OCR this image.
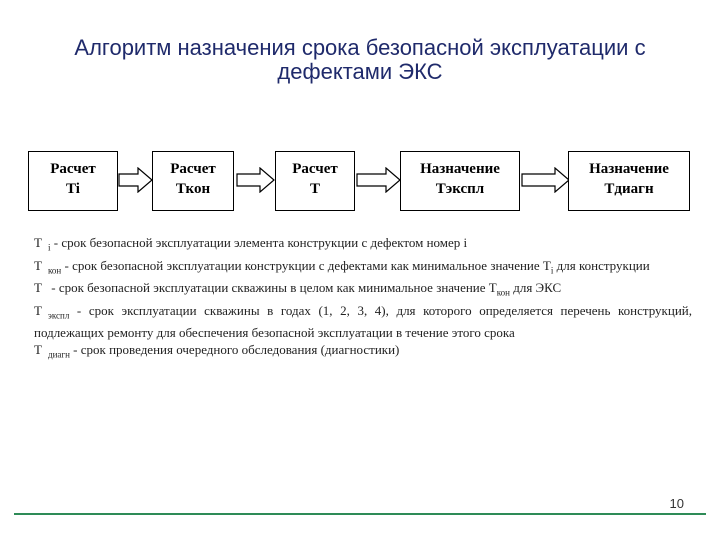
Алгоритм назначения срока безопасной эксплуатации с
дефектами ЭКС
Расчет
Ti
Расчет
Ткон
Расчет
Т
Назначение
Тэкспл
Назначение
Тдиагн

T $_i$ - срок безопасной эксплуатации элемента конструкции с дефектом номер i

T $_{кон}$ - срок безопасной эксплуатации конструкции с дефектами как минимальное значение $T_i$ для конструкции

T - срок безопасной эксплуатации скважины в целом как минимальное значение $T_{кон}$ для ЭКС

T $_{экспл}$ - срок эксплуатации скважины в годах (1, 2, 3, 4), для которого определяется перечень конструкций, подлежащих ремонту для обеспечения безопасной эксплуатации в течение этого срока

T $_{диагн}$ - срок проведения очередного обследования (диагностики)

10
